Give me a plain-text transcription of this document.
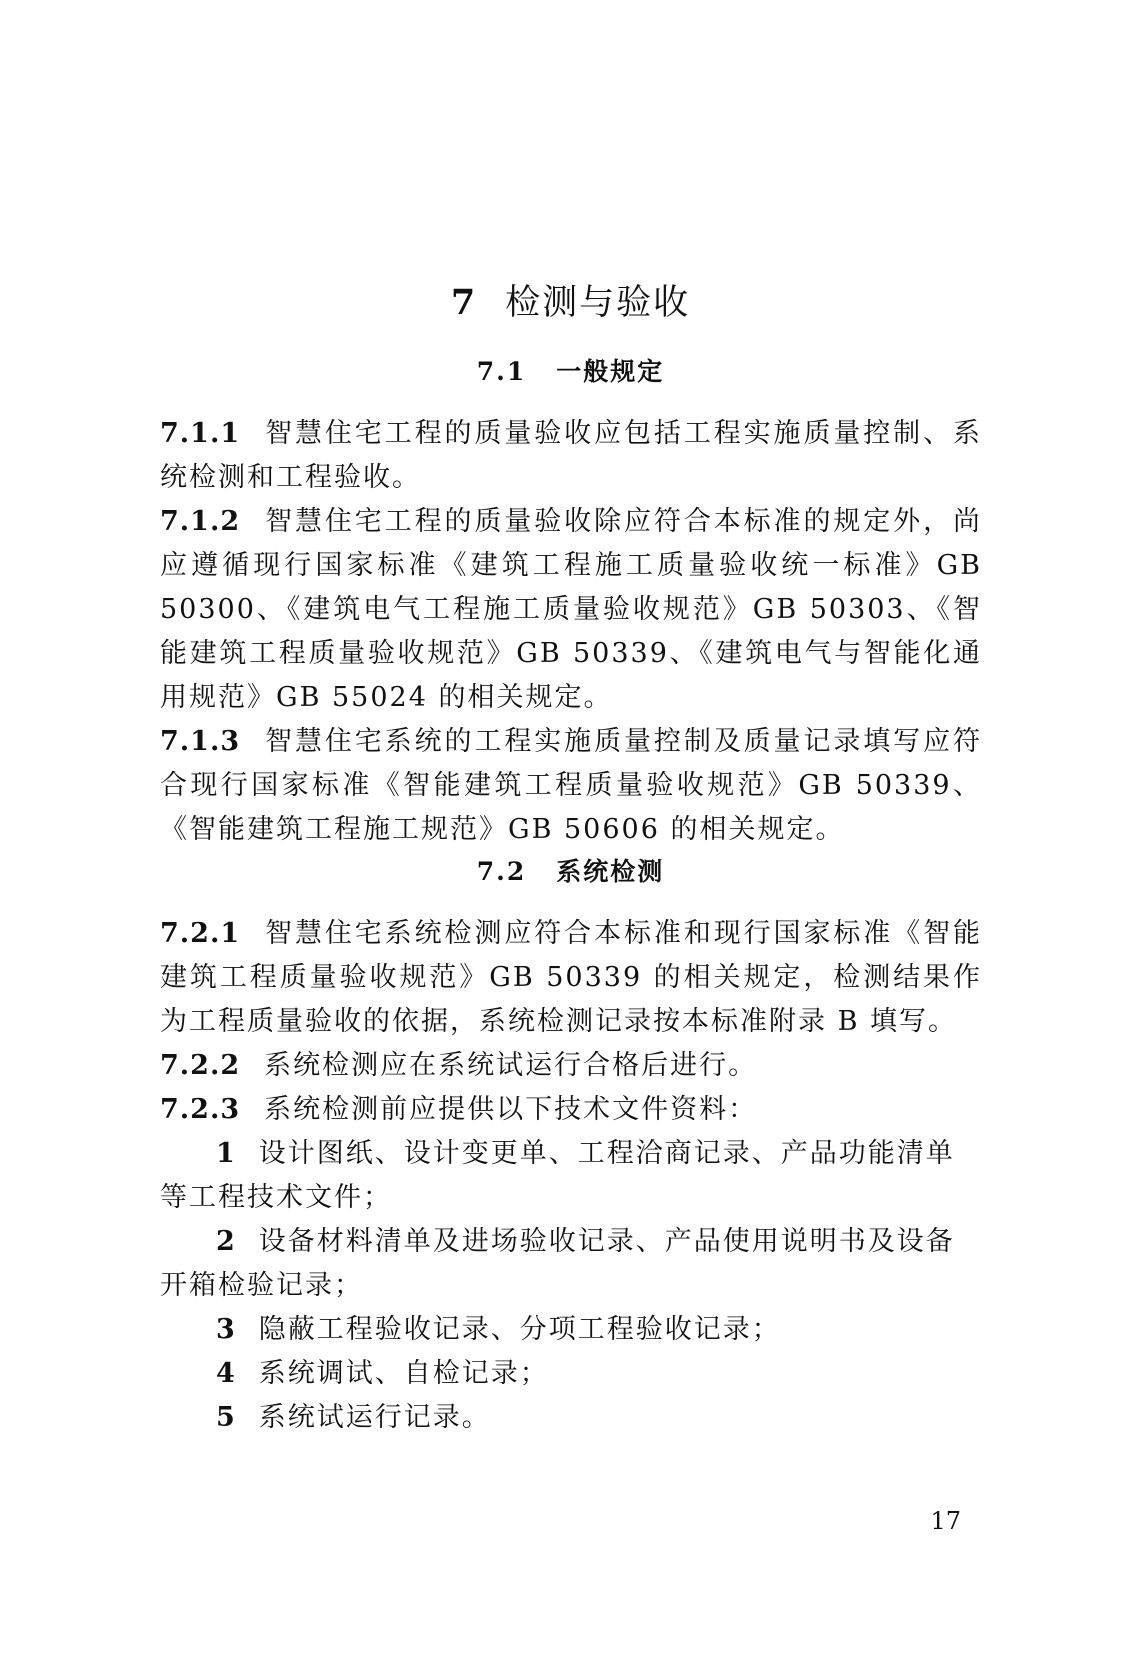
7 检测与验收
7.1 一般规定

7.1.1 智慧住宅工程的质量验收应包括工程实施质量控制、系统检测和工程验收。

7.1.2 智慧住宅工程的质量验收除应符合本标准的规定外，尚应遵循现行国家标准《建筑工程施工质量验收统一标准》GB 50300、《建筑电气工程施工质量验收规范》GB 50303、《智能建筑工程质量验收规范》GB 50339、《建筑电气与智能化通用规范》GB 55024 的相关规定。

7.1.3 智慧住宅系统的工程实施质量控制及质量记录填写应符合现行国家标准《智能建筑工程质量验收规范》GB 50339、《智能建筑工程施工规范》GB 50606 的相关规定。

7.2 系统检测

7.2.1 智慧住宅系统检测应符合本标准和现行国家标准《智能建筑工程质量验收规范》GB 50339 的相关规定，检测结果作为工程质量验收的依据，系统检测记录按本标准附录 B 填写。

7.2.2 系统检测应在系统试运行合格后进行。

7.2.3 系统检测前应提供以下技术文件资料：

1 设计图纸、设计变更单、工程洽商记录、产品功能清单等工程技术文件；

2 设备材料清单及进场验收记录、产品使用说明书及设备开箱检验记录；

3 隐蔽工程验收记录、分项工程验收记录；

4 系统调试、自检记录；

5 系统试运行记录。

17
